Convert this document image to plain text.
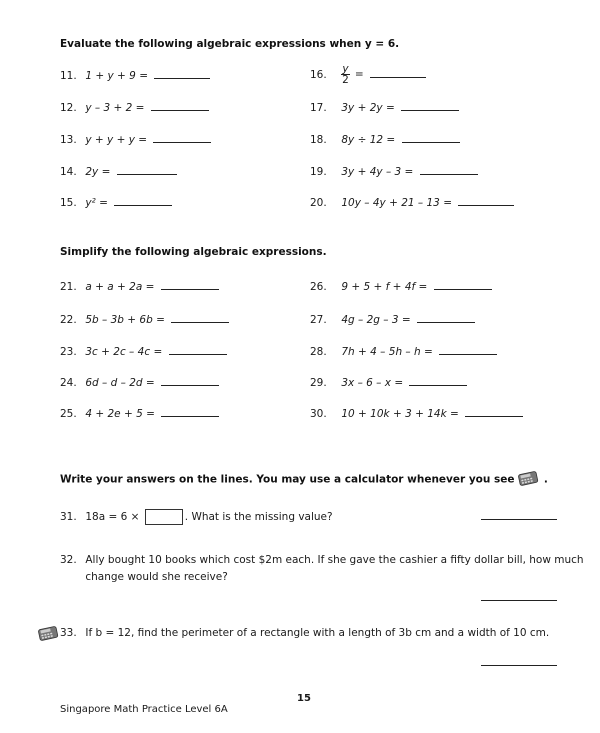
Evaluate the following algebraic expressions when y = 6.
11. 1 + y + 9 =
12. y – 3 + 2 =
13. y + y + y =
14. 2y =
15. y² =
16. $\frac{y}{2}$ =
17. 3y + 2y =
18. 8y ÷ 12 =
19. 3y + 4y – 3 =
20. 10y – 4y + 21 – 13 =
Simplify the following algebraic expressions.
21. a + a + 2a =
22. 5b – 3b + 6b =
23. 3c + 2c – 4c =
24. 6d – d – 2d =
25. 4 + 2e + 5 =
26. 9 + 5 + f + 4f =
27. 4g – 2g – 3 =
28. 7h + 4 – 5h – h =
29. 3x – 6 – x =
30. 10 + 10k + 3 + 14k =
Write your answers on the lines. You may use a calculator whenever you see	.
31. 18a = 6 ×	. What is the missing value?
32. Ally bought 10 books which cost $2m each. If she gave the cashier a fifty dollar bill, how much
change would she receive?
33. If b = 12, find the perimeter of a rectangle with a length of 3b cm and a width of 10 cm.
15
Singapore Math Practice Level 6A
